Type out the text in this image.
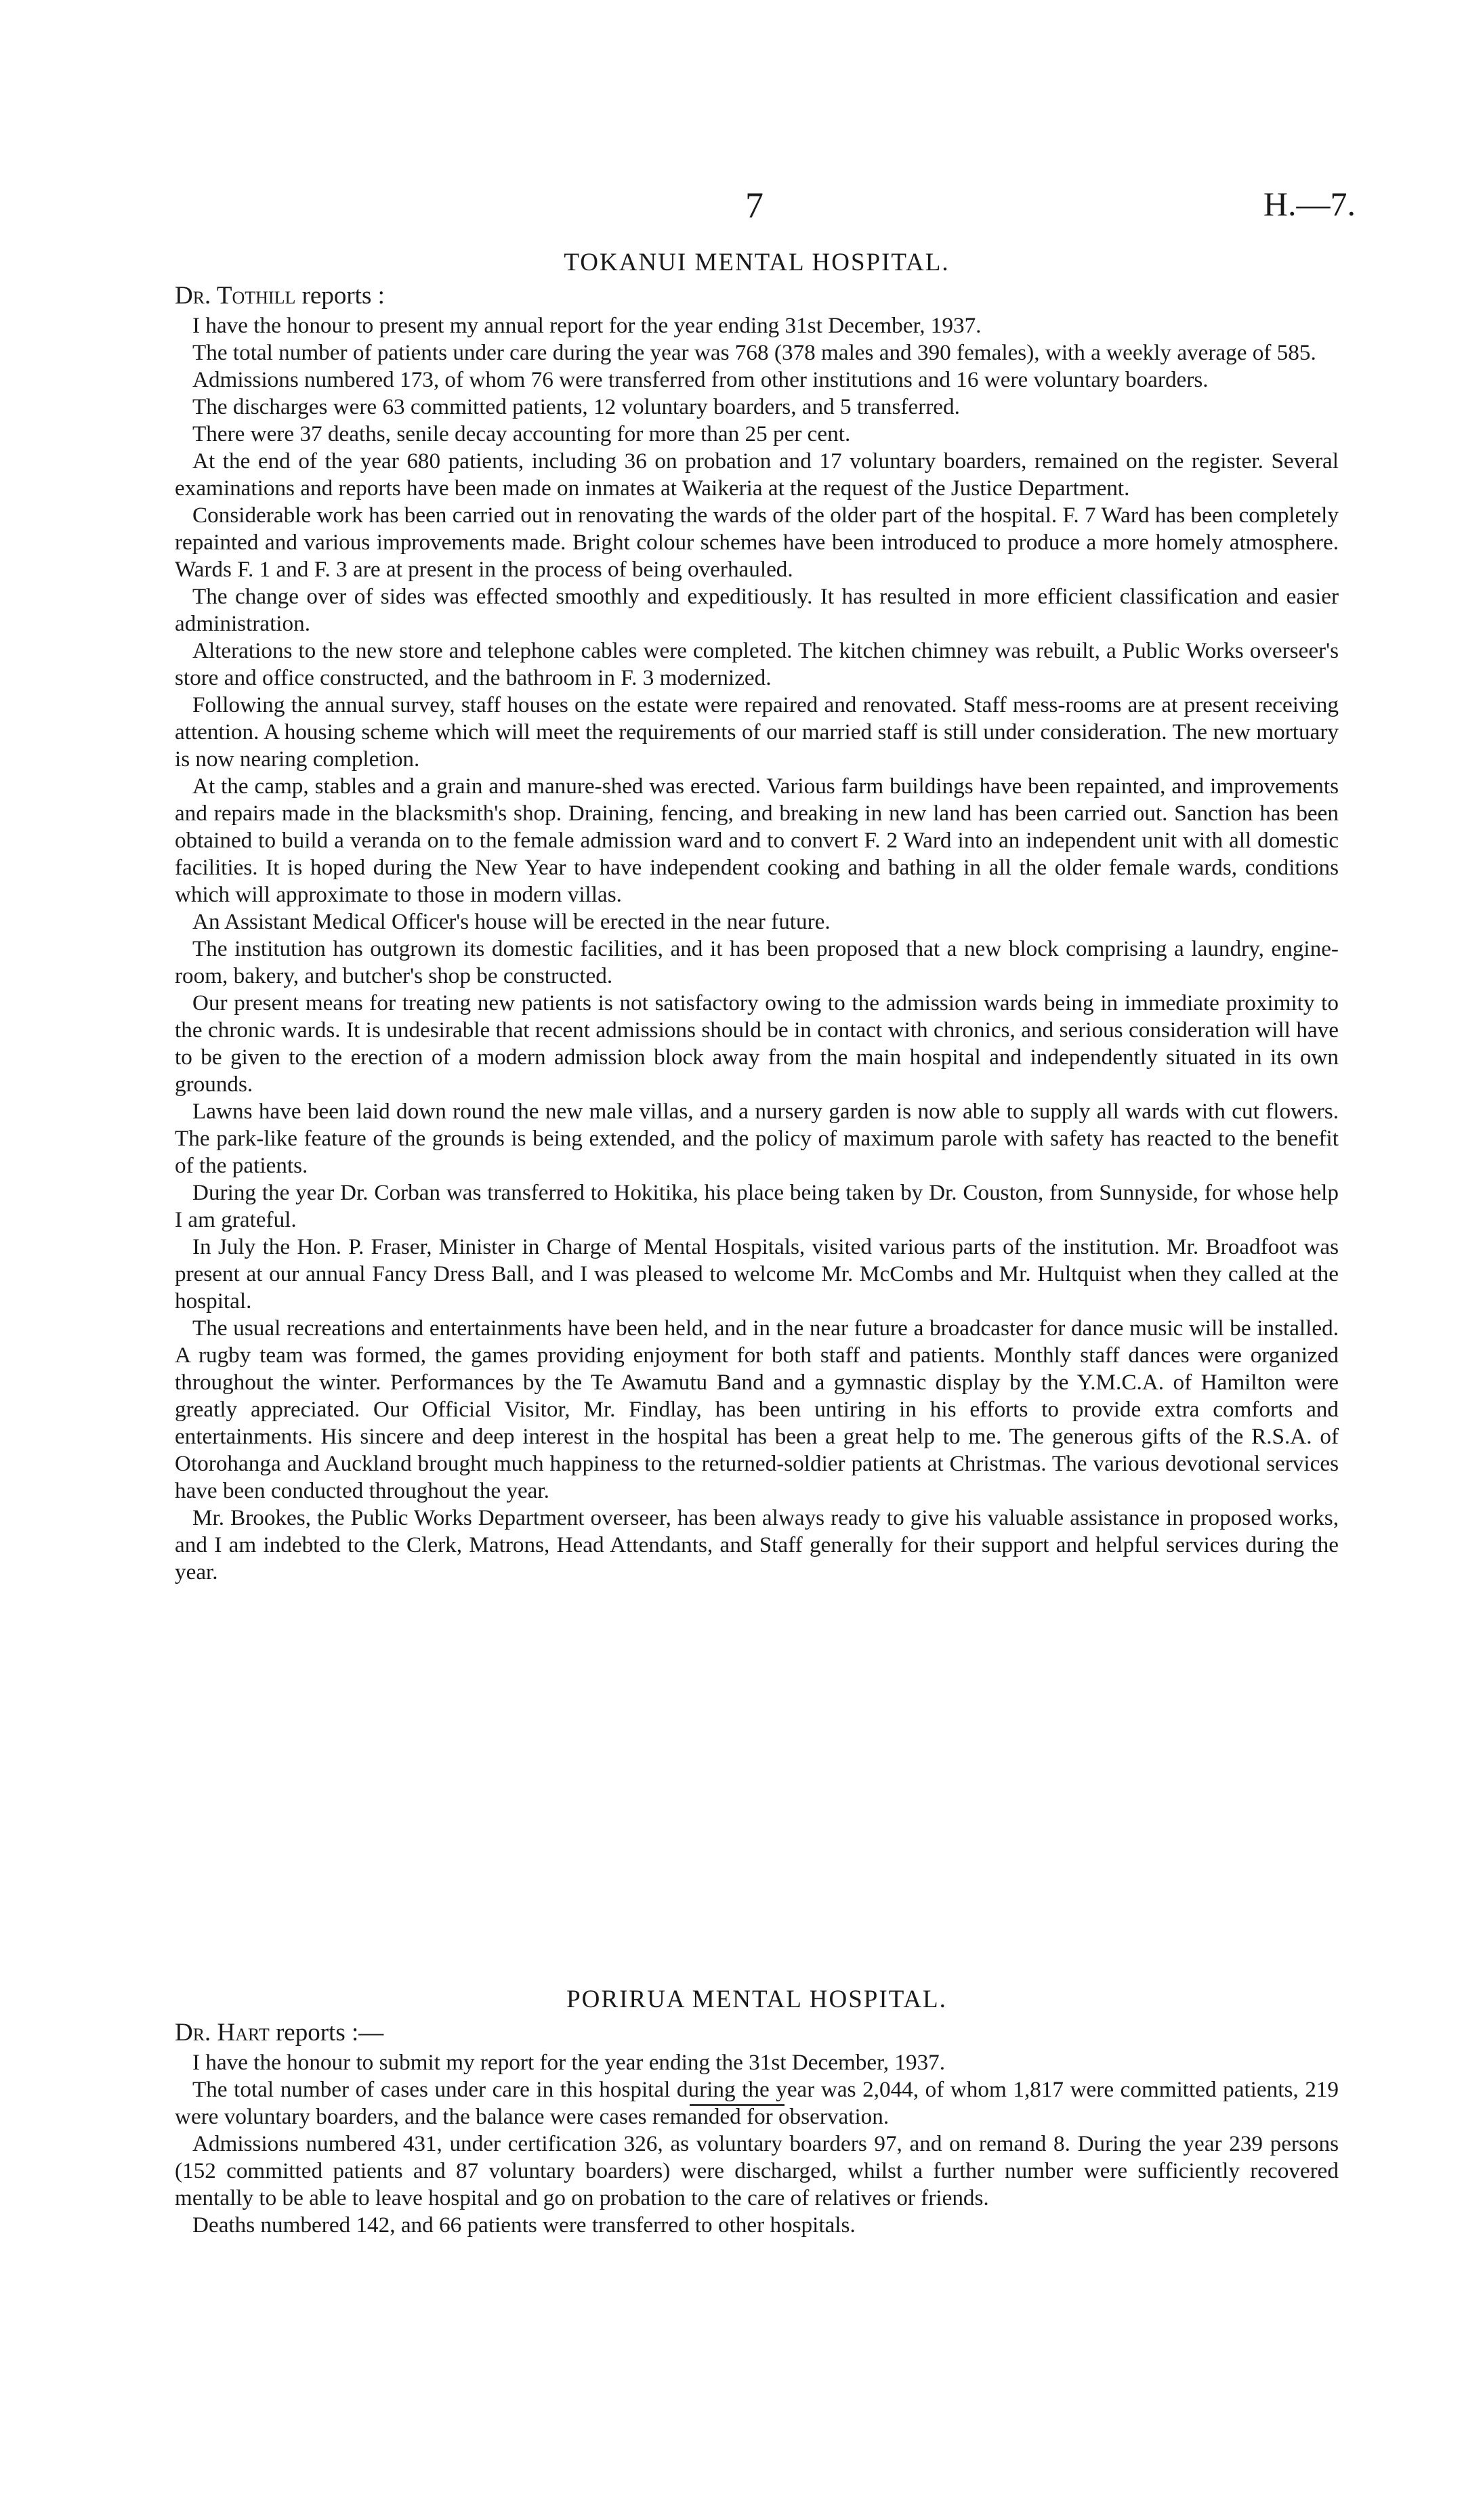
7	H.—7.
TOKANUI MENTAL HOSPITAL.

Dr. Tothill reports :

I have the honour to present my annual report for the year ending 31st December, 1937.

The total number of patients under care during the year was 768 (378 males and 390 females), with a weekly average of 585.

Admissions numbered 173, of whom 76 were transferred from other institutions and 16 were voluntary boarders.

The discharges were 63 committed patients, 12 voluntary boarders, and 5 transferred.

There were 37 deaths, senile decay accounting for more than 25 per cent.

At the end of the year 680 patients, including 36 on probation and 17 voluntary boarders, remained on the register. Several examinations and reports have been made on inmates at Waikeria at the request of the Justice Department.

Considerable work has been carried out in renovating the wards of the older part of the hospital. F. 7 Ward has been completely repainted and various improvements made. Bright colour schemes have been introduced to produce a more homely atmosphere. Wards F. 1 and F. 3 are at present in the process of being overhauled.

The change over of sides was effected smoothly and expeditiously. It has resulted in more efficient classification and easier administration.

Alterations to the new store and telephone cables were completed. The kitchen chimney was rebuilt, a Public Works overseer's store and office constructed, and the bathroom in F. 3 modernized.

Following the annual survey, staff houses on the estate were repaired and renovated. Staff mess-rooms are at present receiving attention. A housing scheme which will meet the requirements of our married staff is still under consideration. The new mortuary is now nearing completion.

At the camp, stables and a grain and manure-shed was erected. Various farm buildings have been repainted, and improvements and repairs made in the blacksmith's shop. Draining, fencing, and breaking in new land has been carried out. Sanction has been obtained to build a veranda on to the female admission ward and to convert F. 2 Ward into an independent unit with all domestic facilities. It is hoped during the New Year to have independent cooking and bathing in all the older female wards, conditions which will approximate to those in modern villas.

An Assistant Medical Officer's house will be erected in the near future.

The institution has outgrown its domestic facilities, and it has been proposed that a new block comprising a laundry, engine-room, bakery, and butcher's shop be constructed.

Our present means for treating new patients is not satisfactory owing to the admission wards being in immediate proximity to the chronic wards. It is undesirable that recent admissions should be in contact with chronics, and serious consideration will have to be given to the erection of a modern admission block away from the main hospital and independently situated in its own grounds.

Lawns have been laid down round the new male villas, and a nursery garden is now able to supply all wards with cut flowers. The park-like feature of the grounds is being extended, and the policy of maximum parole with safety has reacted to the benefit of the patients.

During the year Dr. Corban was transferred to Hokitika, his place being taken by Dr. Couston, from Sunnyside, for whose help I am grateful.

In July the Hon. P. Fraser, Minister in Charge of Mental Hospitals, visited various parts of the institution. Mr. Broadfoot was present at our annual Fancy Dress Ball, and I was pleased to welcome Mr. McCombs and Mr. Hultquist when they called at the hospital.

The usual recreations and entertainments have been held, and in the near future a broadcaster for dance music will be installed. A rugby team was formed, the games providing enjoyment for both staff and patients. Monthly staff dances were organized throughout the winter. Performances by the Te Awamutu Band and a gymnastic display by the Y.M.C.A. of Hamilton were greatly appreciated. Our Official Visitor, Mr. Findlay, has been untiring in his efforts to provide extra comforts and entertainments. His sincere and deep interest in the hospital has been a great help to me. The generous gifts of the R.S.A. of Otorohanga and Auckland brought much happiness to the returned-soldier patients at Christmas. The various devotional services have been conducted throughout the year.

Mr. Brookes, the Public Works Department overseer, has been always ready to give his valuable assistance in proposed works, and I am indebted to the Clerk, Matrons, Head Attendants, and Staff generally for their support and helpful services during the year.

PORIRUA MENTAL HOSPITAL.

Dr. Hart reports :—

I have the honour to submit my report for the year ending the 31st December, 1937.

The total number of cases under care in this hospital during the year was 2,044, of whom 1,817 were committed patients, 219 were voluntary boarders, and the balance were cases remanded for observation.

Admissions numbered 431, under certification 326, as voluntary boarders 97, and on remand 8. During the year 239 persons (152 committed patients and 87 voluntary boarders) were discharged, whilst a further number were sufficiently recovered mentally to be able to leave hospital and go on probation to the care of relatives or friends.

Deaths numbered 142, and 66 patients were transferred to other hospitals.
